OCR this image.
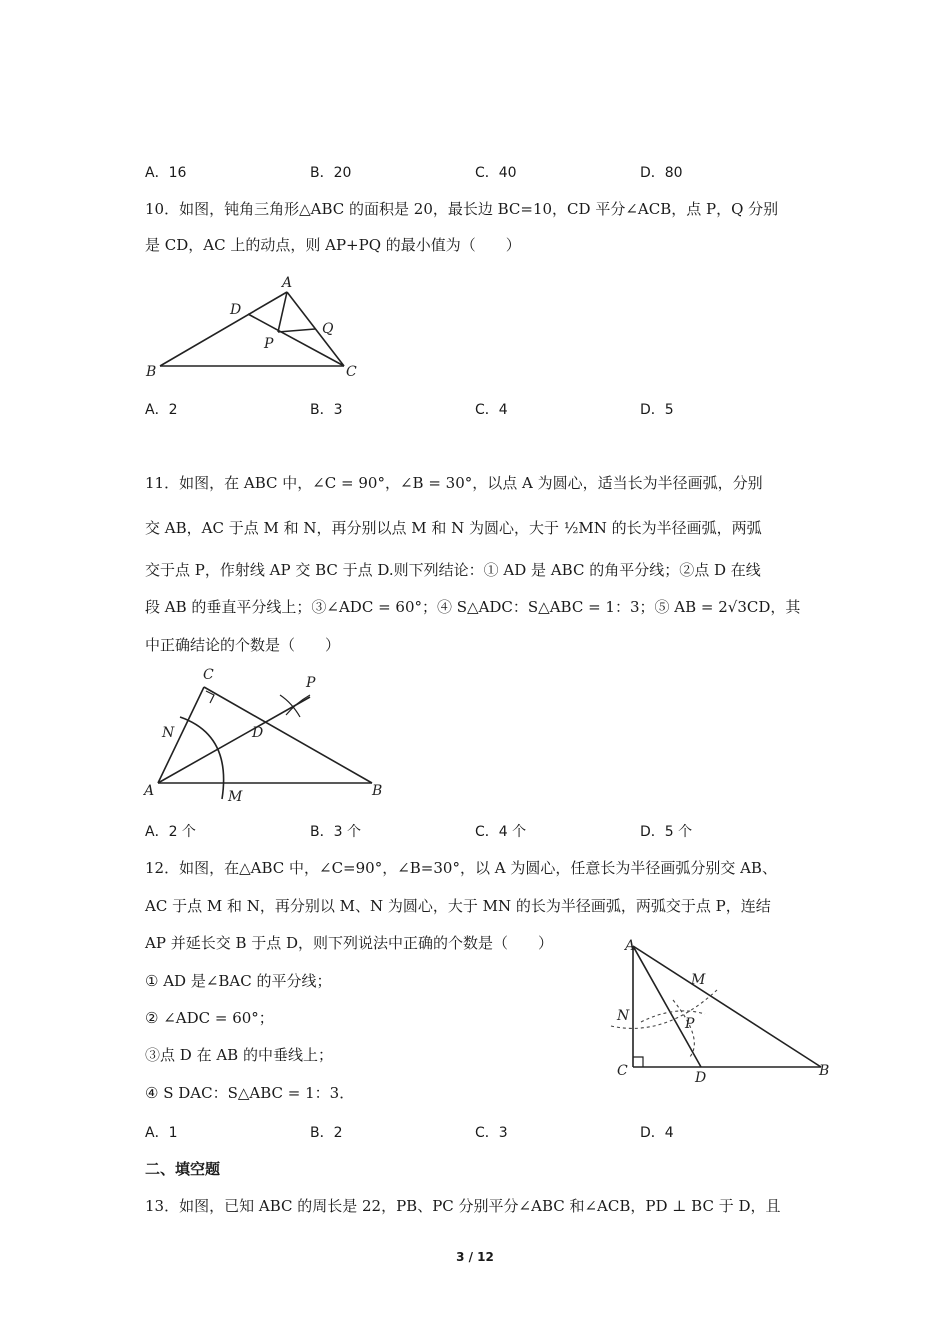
A．16	B．20	C．40	D．80
10．如图，钝角三角形△ABC 的面积是 20，最长边 BC=10，CD 平分∠ACB，点 P，Q 分别
是 CD，AC 上的动点，则 AP+PQ 的最小值为（　　）
A
B	C
D
P
Q
A．2	B．3	C．4	D．5
11．如图，在 ABC 中，∠C = 90°，∠B = 30°，以点 A 为圆心，适当长为半径画弧，分别
交 AB，AC 于点 M 和 N，再分别以点 M 和 N 为圆心，大于 ½MN 的长为半径画弧，两弧
交于点 P，作射线 AP 交 BC 于点 D.则下列结论：① AD 是 ABC 的角平分线；②点 D 在线
段 AB 的垂直平分线上；③∠ADC = 60°；④ S△ADC：S△ABC = 1：3；⑤ AB = 2√3CD，其
中正确结论的个数是（　　）
C
A	B
N
M
D
P
A．2 个	B．3 个	C．4 个	D．5 个
12．如图，在△ABC 中，∠C=90°，∠B=30°，以 A 为圆心，任意长为半径画弧分别交 AB、
AC 于点 M 和 N，再分别以 M、N 为圆心，大于 MN 的长为半径画弧，两弧交于点 P，连结
AP 并延长交 B 于点 D，则下列说法中正确的个数是（　　）
① AD 是∠BAC 的平分线；
② ∠ADC = 60°；
③点 D 在 AB 的中垂线上；
④ S DAC：S△ABC = 1：3．
A
C	D	B
M
N	P
A．1	B．2	C．3	D．4
二、填空题
13．如图，已知 ABC 的周长是 22，PB、PC 分别平分∠ABC 和∠ACB，PD ⊥ BC 于 D，且
3 / 12
